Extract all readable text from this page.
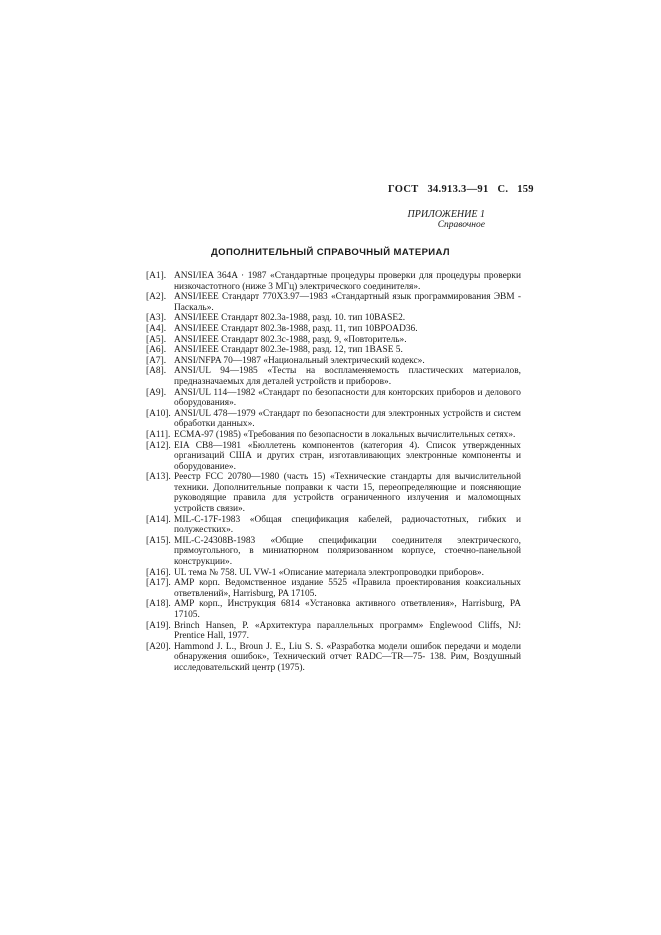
ГОСТ 34.913.3—91 С. 159
ПРИЛОЖЕНИЕ 1
Справочное
ДОПОЛНИТЕЛЬНЫЙ СПРАВОЧНЫЙ МАТЕРИАЛ
[A1]. ANSI/IEA 364A · 1987 «Стандартные процедуры проверки для процедуры проверки низкочастотного (ниже 3 МГц) электрического соединителя».
[A2]. ANSI/IEEE Стандарт 770X3.97—1983 «Стандартный язык программирования ЭВМ - Паскаль».
[A3]. ANSI/IEEE Стандарт 802.3a-1988, разд. 10. тип 10BASE2.
[A4]. ANSI/IEEE Стандарт 802.3в-1988, разд. 11, тип 10BPOAD36.
[A5]. ANSI/IEEE Стандарт 802.3c-1988, разд. 9, «Повторитель».
[A6]. ANSI/IEEE Стандарт 802.3e-1988, разд. 12, тип 1BASE 5.
[A7]. ANSI/NFPA 70—1987 «Национальный электрический кодекс».
[A8]. ANSI/UL 94—1985 «Тесты на воспламеняемость пластических материалов, предназначаемых для деталей устройств и приборов».
[A9]. ANSI/UL 114—1982 «Стандарт по безопасности для конторских приборов и делового оборудования».
[A10]. ANSI/UL 478—1979 «Стандарт по безопасности для электронных устройств и систем обработки данных».
[A11]. ECMA-97 (1985) «Требования по безопасности в локальных вычислительных сетях».
[A12]. EIA CB8—1981 «Бюллетень компонентов (категория 4). Список утвержденных организаций США и других стран, изготавливающих электронные компоненты и оборудование».
[A13]. Реестр FCC 20780—1980 (часть 15) «Технические стандарты для вычислительной техники. Дополнительные поправки к части 15, переопределяющие и поясняющие руководящие правила для устройств ограниченного излучения и маломощных устройств связи».
[A14]. MIL-C-17F-1983 «Общая спецификация кабелей, радиочастотных, гибких и полужестких».
[A15]. MIL-C-24308B-1983 «Общие спецификации соединителя электрического, прямоугольного, в миниатюрном поляризованном корпусе, стоечно-панельной конструкции».
[A16]. UL тема № 758. UL VW-1 «Описание материала электропроводки приборов».
[A17]. AMP корп. Ведомственное издание 5525 «Правила проектирования коаксиальных ответвлений», Harrisburg, PA 17105.
[A18]. AMP корп., Инструкция 6814 «Установка активного ответвления», Harrisburg, PA 17105.
[A19]. Brinch Hansen, P. «Архитектура параллельных программ» Englewood Cliffs, NJ: Prentice Hall, 1977.
[A20]. Hammond J. L., Broun J. E., Liu S. S. «Разработка модели ошибок передачи и модели обнаружения ошибок», Технический отчет RADC—TR—75- 138. Рим, Воздушный исследовательский центр (1975).
